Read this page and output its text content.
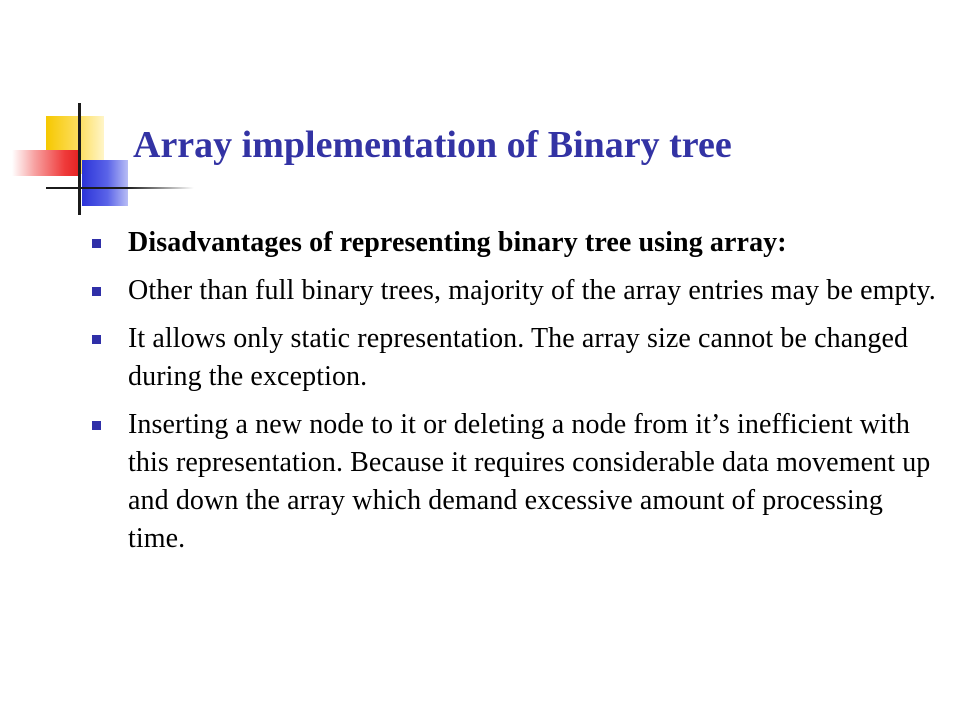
Array implementation of Binary tree
Disadvantages of representing binary tree using array:
Other than full binary trees, majority of the array entries may be empty.
It allows only static representation. The array size cannot be changed during the exception.
Inserting a new node to it or deleting a node from it’s inefficient with this representation. Because it requires considerable data movement up and down the array which demand excessive amount of processing time.
